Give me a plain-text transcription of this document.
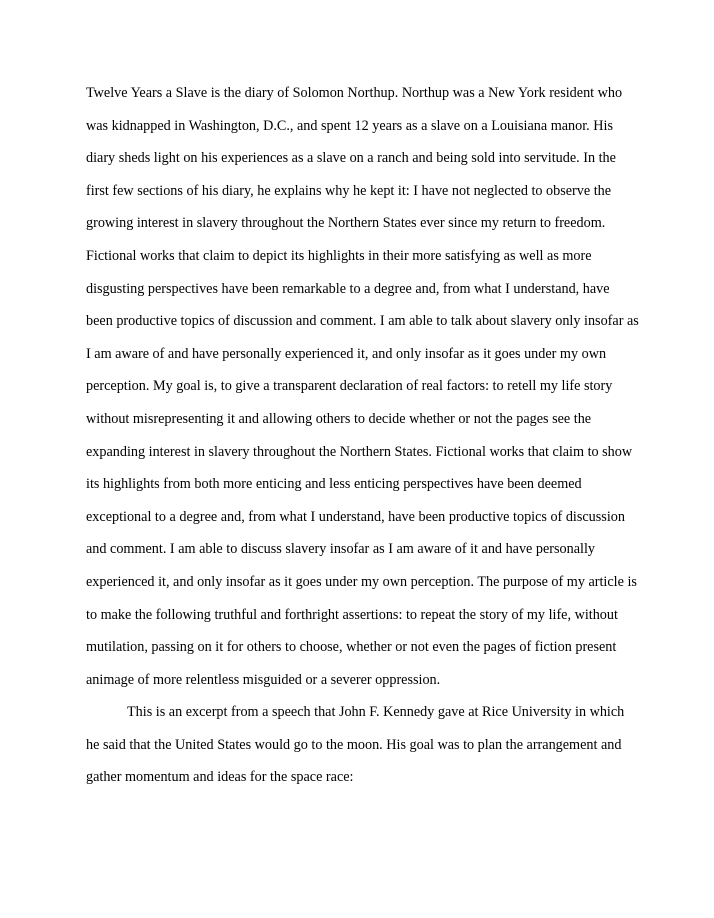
Twelve Years a Slave is the diary of Solomon Northup. Northup was a New York resident who
was kidnapped in Washington, D.C., and spent 12 years as a slave on a Louisiana manor. His
diary sheds light on his experiences as a slave on a ranch and being sold into servitude. In the
first few sections of his diary, he explains why he kept it: I have not neglected to observe the
growing interest in slavery throughout the Northern States ever since my return to freedom.
Fictional works that claim to depict its highlights in their more satisfying as well as more
disgusting perspectives have been remarkable to a degree and, from what I understand, have
been productive topics of discussion and comment. I am able to talk about slavery only insofar as
I am aware of and have personally experienced it, and only insofar as it goes under my own
perception. My goal is, to give a transparent declaration of real factors: to retell my life story
without misrepresenting it and allowing others to decide whether or not the pages see the
expanding interest in slavery throughout the Northern States. Fictional works that claim to show
its highlights from both more enticing and less enticing perspectives have been deemed
exceptional to a degree and, from what I understand, have been productive topics of discussion
and comment. I am able to discuss slavery insofar as I am aware of it and have personally
experienced it, and only insofar as it goes under my own perception. The purpose of my article is
to make the following truthful and forthright assertions: to repeat the story of my life, without
mutilation, passing on it for others to choose, whether or not even the pages of fiction present
animage of more relentless misguided or a severer oppression.
This is an excerpt from a speech that John F. Kennedy gave at Rice University in which
he said that the United States would go to the moon. His goal was to plan the arrangement and
gather momentum and ideas for the space race:
